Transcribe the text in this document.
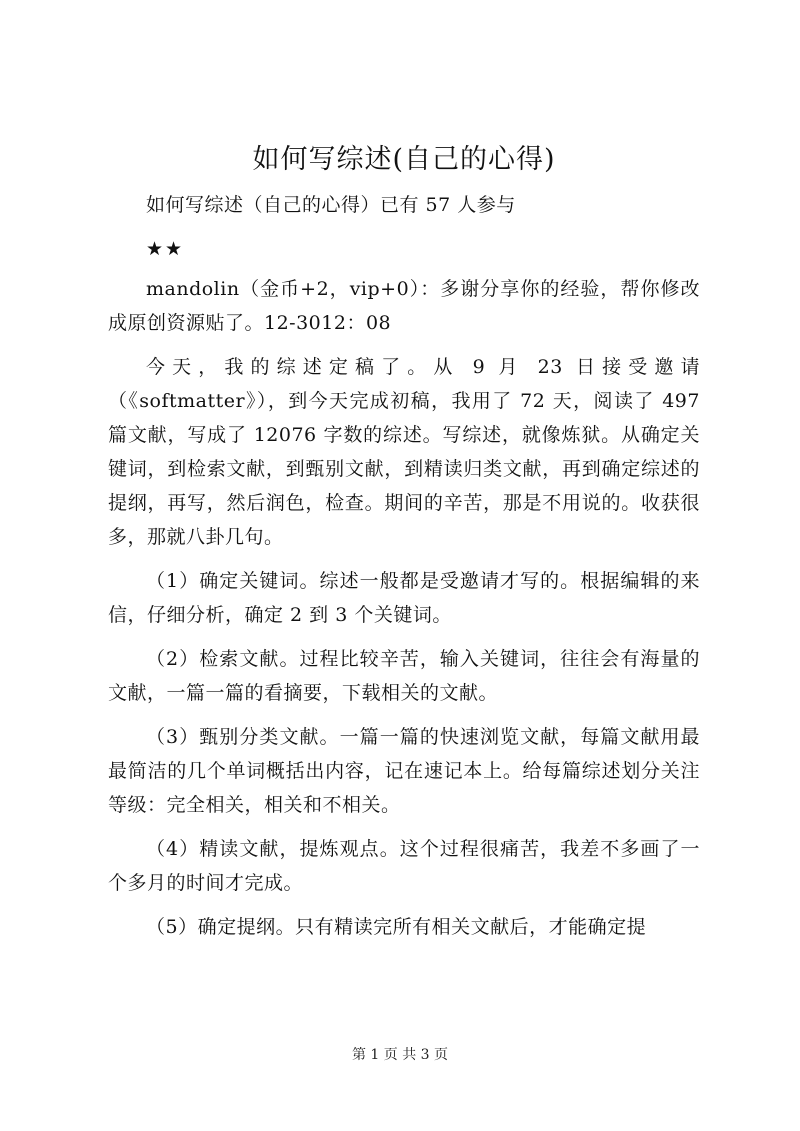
如何写综述(自己的心得)

如何写综述（自己的心得）已有 57 人参与

★★

mandolin（金币+2，vip+0）：多谢分享你的经验，帮你修改成原创资源贴了。12-3012：08

今天，我的综述定稿了。从 9 月 23 日接受邀请（《softmatter》），到今天完成初稿，我用了 72 天，阅读了 497 篇文献，写成了 12076 字数的综述。写综述，就像炼狱。从确定关键词，到检索文献，到甄别文献，到精读归类文献，再到确定综述的提纲，再写，然后润色，检查。期间的辛苦，那是不用说的。收获很多，那就八卦几句。

（1）确定关键词。综述一般都是受邀请才写的。根据编辑的来信，仔细分析，确定 2 到 3 个关键词。

（2）检索文献。过程比较辛苦，输入关键词，往往会有海量的文献，一篇一篇的看摘要，下载相关的文献。

（3）甄别分类文献。一篇一篇的快速浏览文献，每篇文献用最最简洁的几个单词概括出内容，记在速记本上。给每篇综述划分关注等级：完全相关，相关和不相关。

（4）精读文献，提炼观点。这个过程很痛苦，我差不多画了一个多月的时间才完成。

（5）确定提纲。只有精读完所有相关文献后，才能确定提

第 1 页 共 3 页
